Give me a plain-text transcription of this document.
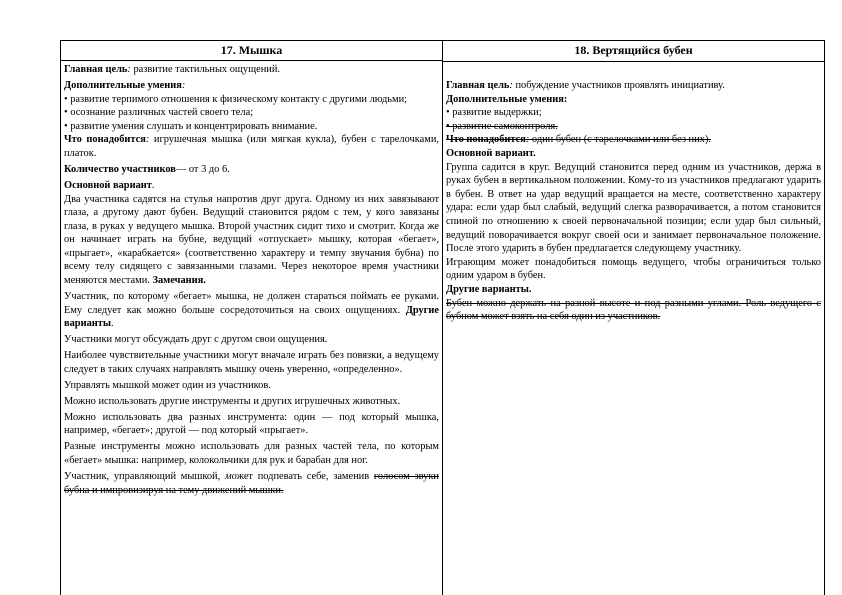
17. Мышка

Главная цель: развитие тактильных ощущений.

Дополнительные умения:

• развитие терпимого отношения к физическому контакту с другими людьми;

• осознание различных частей своего тела;

• развитие умения слушать и концентрировать внимание.

Что понадобится: игрушечная мышка (или мягкая кукла), бубен с тарелочками, платок.

Количество участников— от 3 до 6.

Основной вариант.

Два участника садятся на стулья напротив друг друга. Одному из них завязывают глаза, а другому дают бубен. Ведущий становится рядом с тем, у кого завязаны глаза, в руках у ведущего мышка. Второй участник сидит тихо и смотрит. Когда же он начинает играть на бубне, ведущий «отпускает» мышку, которая «бегает», «прыгает», «карабкается» (соответственно характеру и темпу звучания бубна) по всему телу сидящего с завязанными глазами. Через некоторое время участники меняются местами. Замечания.

Участник, по которому «бегает» мышка, не должен стараться поймать ее руками. Ему следует как можно больше сосредоточиться на своих ощущениях. Другие варианты.

Участники могут обсуждать друг с другом свои ощущения.

Наиболее чувствительные участники могут вначале играть без повязки, а ведущему следует в таких случаях направлять мышку очень уверенно, «определенно».

Управлять мышкой может один из участников.

Можно использовать другие инструменты и других игрушечных животных.

Можно использовать два разных инструмента: один — под который мышка, например, «бегает»; другой — под который «прыгает».

Разные инструменты можно использовать для разных частей тела, по которым «бегает» мышка: например, колокольчики для рук и барабан для ног.

Участник, управляющий мышкой, может подпевать себе, заменив голосом звуки бубна и импровизируя на тему движений мышки.

18. Вертящийся бубен

Главная цель: побуждение участников проявлять инициативу.

Дополнительные умения:

• развитие выдержки;

• развитие самоконтроля.

Что понадобится: один бубен (с тарелочками или без них).

Основной вариант.

Группа садится в круг. Ведущий становится перед одним из участников, держа в руках бубен в вертикальном положении. Кому-то из участников предлагают ударить в бубен. В ответ на удар ведущий вращается на месте, соответственно характеру удара: если удар был слабый, ведущий слегка разворачивается, а потом становится спиной по отношению к своей первоначальной позиции; если удар был сильный, ведущий поворачивается вокруг своей оси и занимает первоначальное положение. После этого ударить в бубен предлагается следующему участнику.

Играющим может понадобиться помощь ведущего, чтобы ограничиться только одним ударом в бубен.

Другие варианты.

Бубен можно держать на разной высоте и под разными углами. Роль ведущего с бубном может взять на себя один из участников.
